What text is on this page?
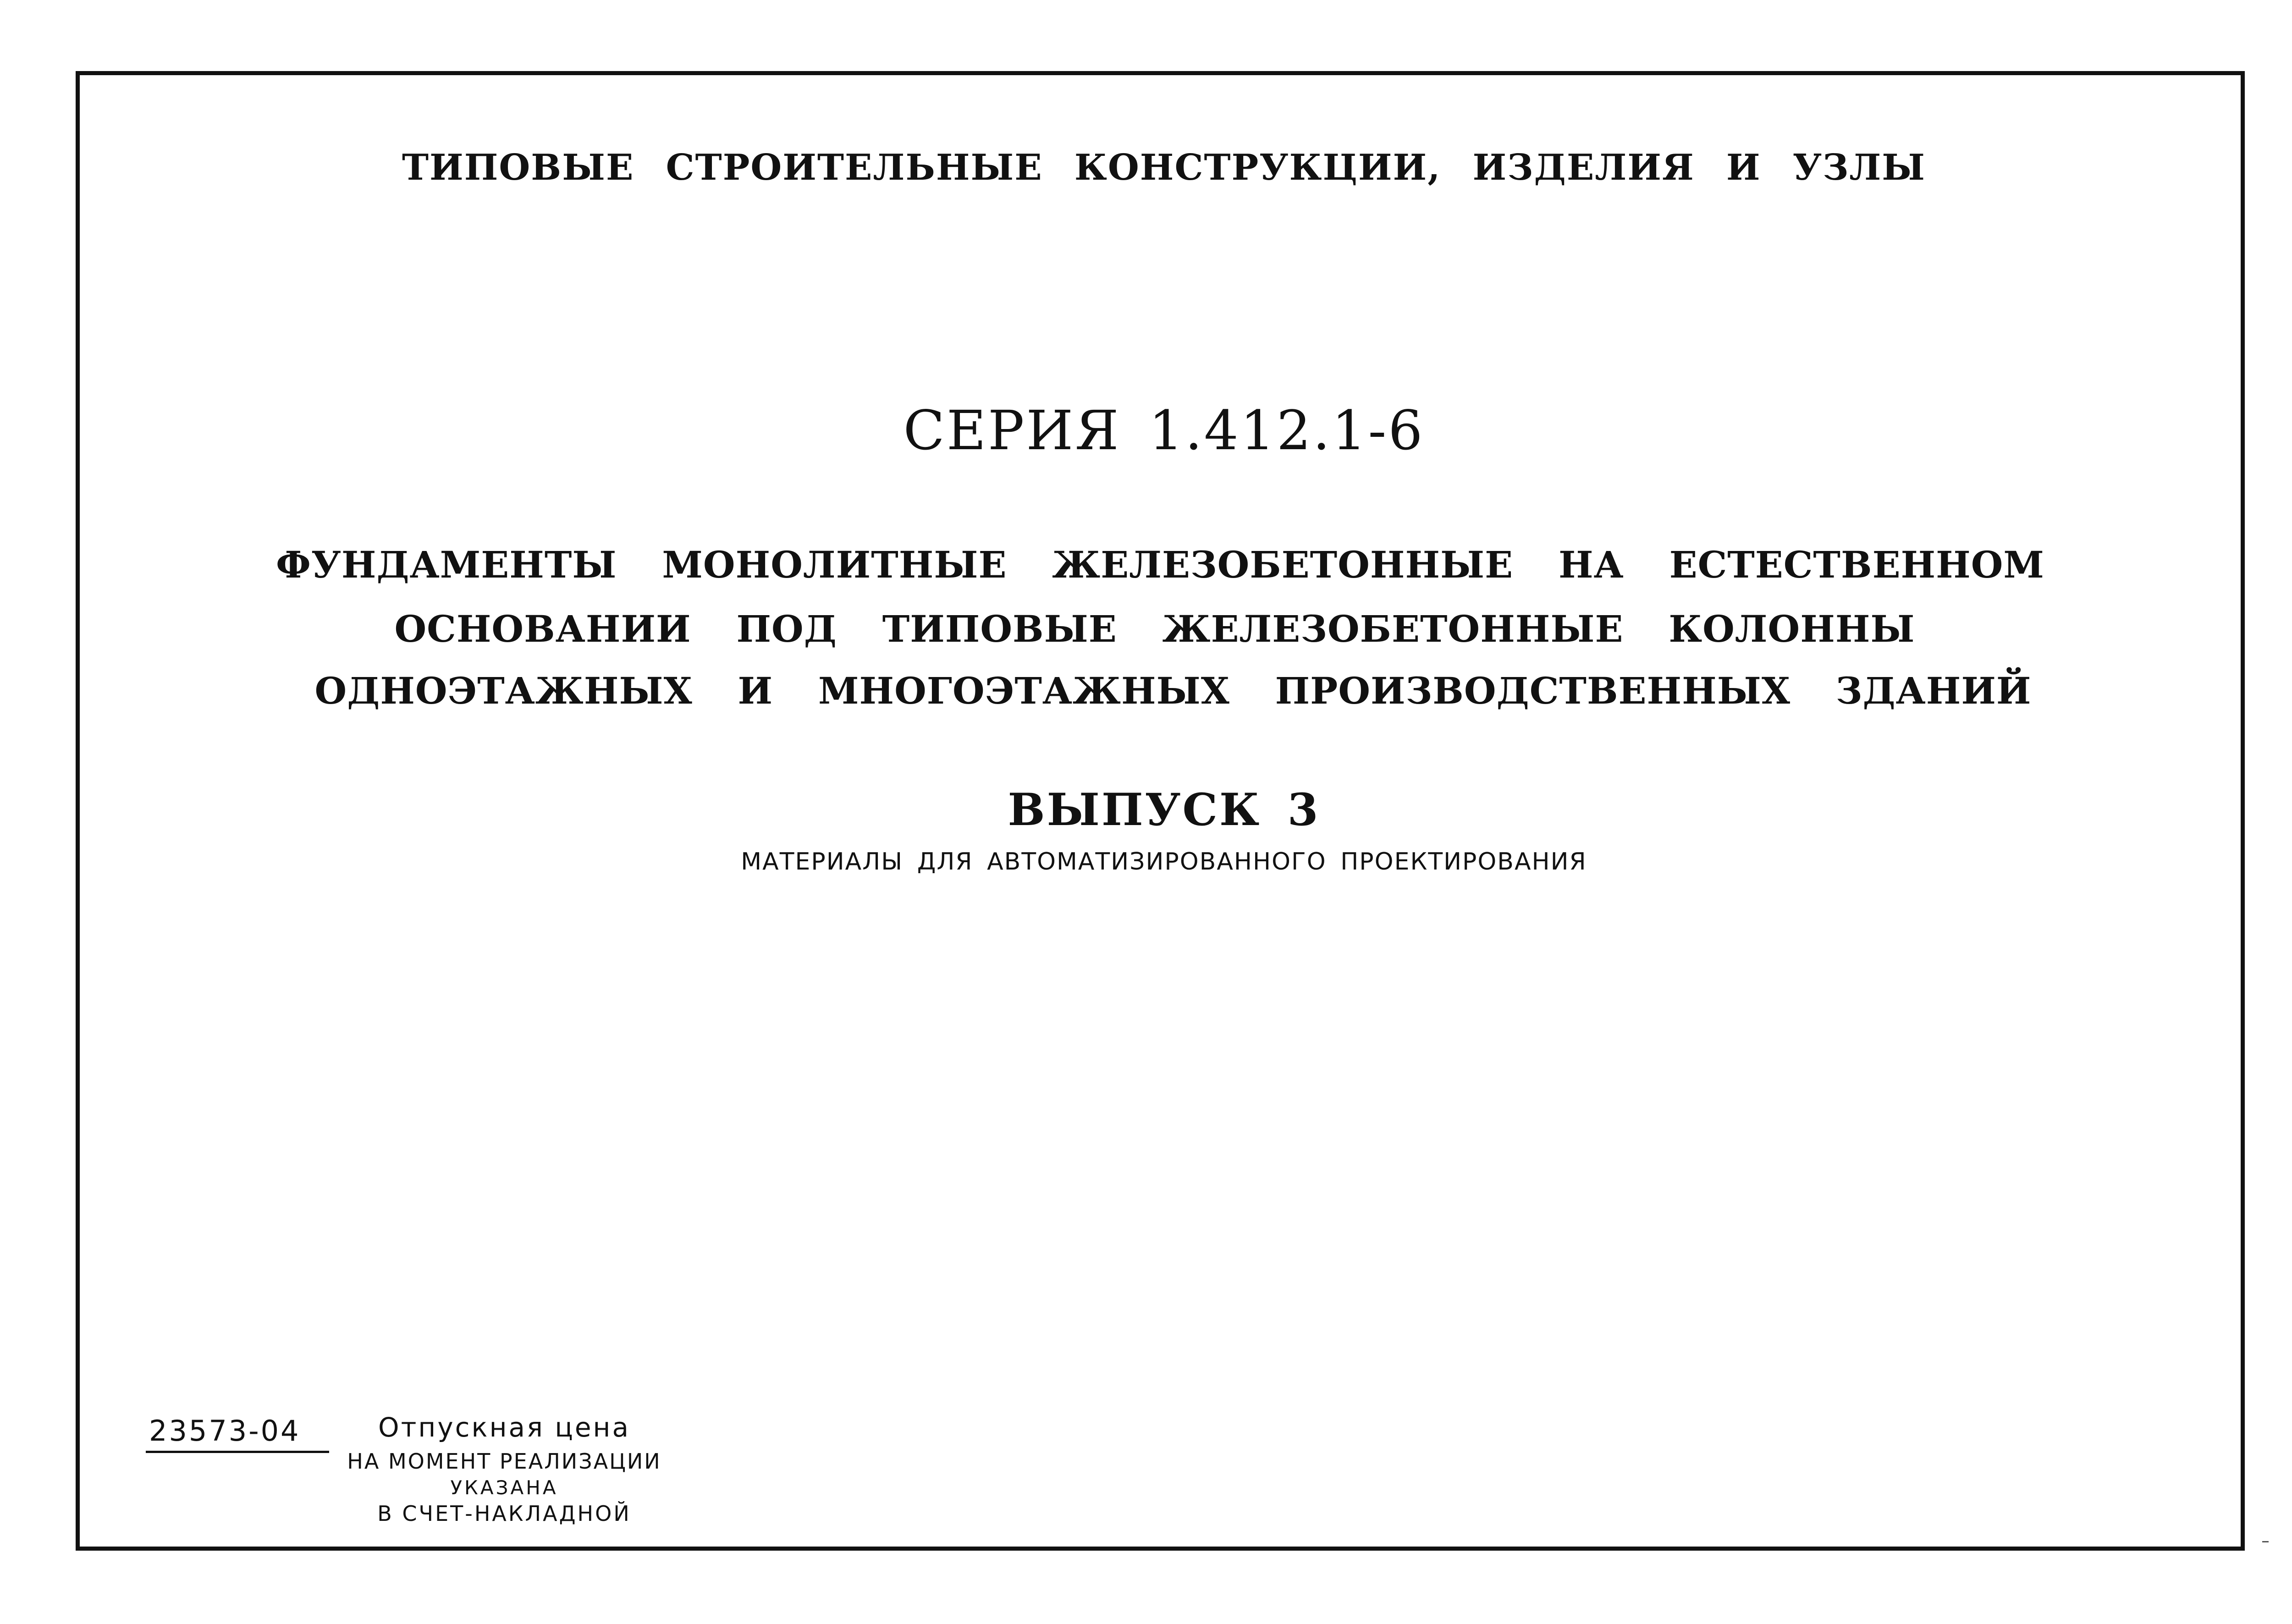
ТИПОВЫЕ СТРОИТЕЛЬНЫЕ КОНСТРУКЦИИ, ИЗДЕЛИЯ И УЗЛЫ
СЕРИЯ 1.412.1-6
ФУНДАМЕНТЫ МОНОЛИТНЫЕ ЖЕЛЕЗОБЕТОННЫЕ НА ЕСТЕСТВЕННОМ
ОСНОВАНИИ ПОД ТИПОВЫЕ ЖЕЛЕЗОБЕТОННЫЕ КОЛОННЫ
ОДНОЭТАЖНЫХ И МНОГОЭТАЖНЫХ ПРОИЗВОДСТВЕННЫХ ЗДАНИЙ
ВЫПУСК 3
МАТЕРИАЛЫ ДЛЯ АВТОМАТИЗИРОВАННОГО ПРОЕКТИРОВАНИЯ
23573-04	Отпускная цена
НА МОМЕНТ РЕАЛИЗАЦИИ
УКАЗАНА
В СЧЕТ-НАКЛАДНОЙ
